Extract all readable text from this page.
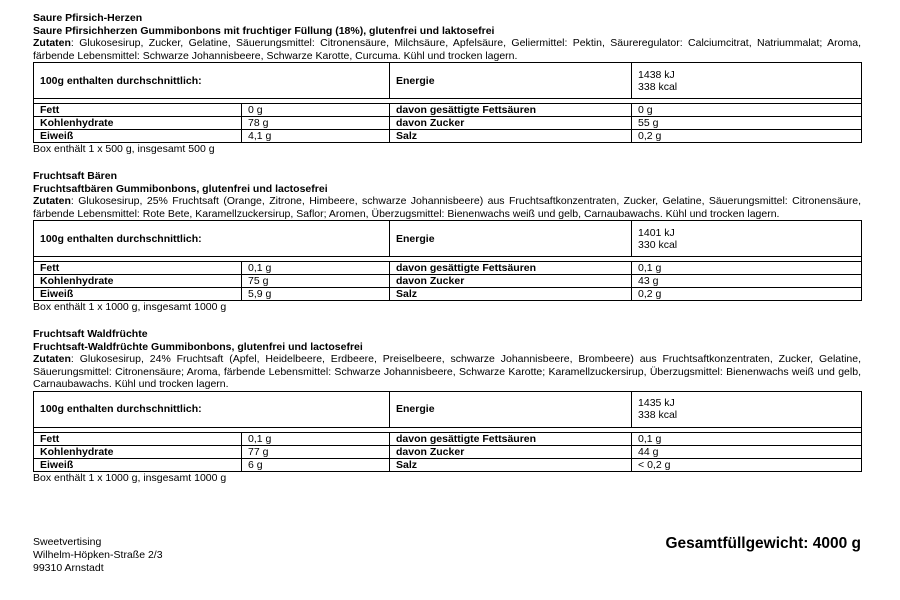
Saure Pfirsich-Herzen
Saure Pfirsichherzen Gummibonbons mit fruchtiger Füllung (18%), glutenfrei und laktosefrei
Zutaten: Glukosesirup, Zucker, Gelatine, Säuerungsmittel: Citronensäure, Milchsäure, Apfelsäure, Geliermittel: Pektin, Säureregulator: Calciumcitrat, Natriummalat; Aroma, färbende Lebensmittel: Schwarze Johannisbeere, Schwarze Karotte, Curcuma. Kühl und trocken lagern.
100g enthalten durchschnittlich:		Energie	1438 kJ
338 kcal

Fett	0 g	davon gesättigte Fettsäuren	0 g
Kohlenhydrate	78 g	davon Zucker	55 g
Eiweiß	4,1 g	Salz	0,2 g
Box enthält 1 x 500 g, insgesamt 500 g
Fruchtsaft Bären
Fruchtsaftbären Gummibonbons, glutenfrei und lactosefrei
Zutaten: Glukosesirup, 25% Fruchtsaft (Orange, Zitrone, Himbeere, schwarze Johannisbeere) aus Fruchtsaftkonzentraten, Zucker, Gelatine, Säuerungsmittel: Citronensäure, färbende Lebensmittel: Rote Bete, Karamellzuckersirup, Saflor; Aromen, Überzugsmittel: Bienenwachs weiß und gelb, Carnaubawachs. Kühl und trocken lagern.
100g enthalten durchschnittlich:		Energie	1401 kJ
330 kcal

Fett	0,1 g	davon gesättigte Fettsäuren	0,1 g
Kohlenhydrate	75 g	davon Zucker	43 g
Eiweiß	5,9 g	Salz	0,2 g
Box enthält 1 x 1000 g, insgesamt 1000 g
Fruchtsaft Waldfrüchte
Fruchtsaft-Waldfrüchte Gummibonbons, glutenfrei und lactosefrei
Zutaten: Glukosesirup, 24% Fruchtsaft (Apfel, Heidelbeere, Erdbeere, Preiselbeere, schwarze Johannisbeere, Brombeere) aus Fruchtsaftkonzentraten, Zucker, Gelatine, Säuerungsmittel: Citronensäure; Aroma, färbende Lebensmittel: Schwarze Johannisbeere, Schwarze Karotte; Karamellzuckersirup, Überzugsmittel: Bienenwachs weiß und gelb, Carnaubawachs. Kühl und trocken lagern.
100g enthalten durchschnittlich:		Energie	1435 kJ
338 kcal

Fett	0,1 g	davon gesättigte Fettsäuren	0,1 g
Kohlenhydrate	77 g	davon Zucker	44 g
Eiweiß	6 g	Salz	< 0,2 g
Box enthält 1 x 1000 g, insgesamt 1000 g
Sweetvertising
Wilhelm-Höpken-Straße 2/3
99310 Arnstadt
Gesamtfüllgewicht: 4000 g
